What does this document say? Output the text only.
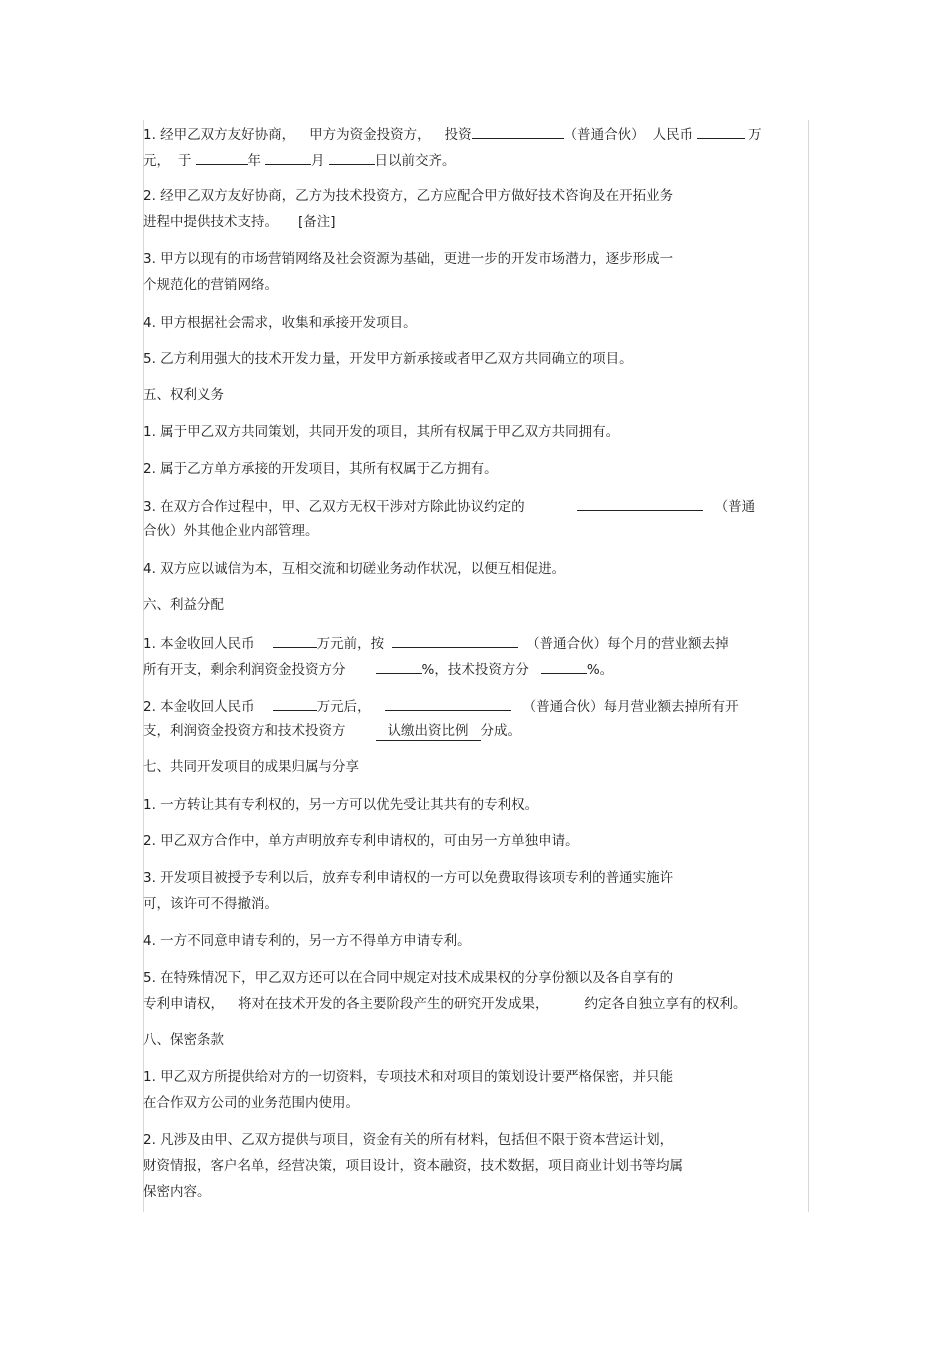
1. 经甲乙双方友好协商， 甲方为资金投资方， 投资	（普通合伙） 人民币	万
元， 于	年	月	日以前交齐。
2. 经甲乙双方友好协商，乙方为技术投资方，乙方应配合甲方做好技术咨询及在开拓业务
进程中提供技术支持。 [备注]
3. 甲方以现有的市场营销网络及社会资源为基础，更进一步的开发市场潜力，逐步形成一
个规范化的营销网络。
4. 甲方根据社会需求，收集和承接开发项目。
5. 乙方利用强大的技术开发力量，开发甲方新承接或者甲乙双方共同确立的项目。
五、权利义务
1. 属于甲乙双方共同策划，共同开发的项目，其所有权属于甲乙双方共同拥有。
2. 属于乙方单方承接的开发项目，其所有权属于乙方拥有。
3. 在双方合作过程中，甲、乙双方无权干涉对方除此协议约定的	（普通
合伙）外其他企业内部管理。
4. 双方应以诚信为本，互相交流和切磋业务动作状况，以便互相促进。
六、利益分配
1. 本金收回人民币	万元前，按	（普通合伙）每个月的营业额去掉
所有开支，剩余利润资金投资方分	%，技术投资方分	%。
2. 本金收回人民币	万元后，	（普通合伙）每月营业额去掉所有开
支，利润资金投资方和技术投资方	认缴出资比例 分成。
七、共同开发项目的成果归属与分享
1. 一方转让其有专利权的，另一方可以优先受让其共有的专利权。
2. 甲乙双方合作中，单方声明放弃专利申请权的，可由另一方单独申请。
3. 开发项目被授予专利以后，放弃专利申请权的一方可以免费取得该项专利的普通实施许
可，该许可不得撤消。
4. 一方不同意申请专利的，另一方不得单方申请专利。
5. 在特殊情况下，甲乙双方还可以在合同中规定对技术成果权的分享份额以及各自享有的
专利申请权， 将对在技术开发的各主要阶段产生的研究开发成果，	约定各自独立享有的权利。
八、保密条款
1. 甲乙双方所提供给对方的一切资料，专项技术和对项目的策划设计要严格保密，并只能
在合作双方公司的业务范围内使用。
2. 凡涉及由甲、乙双方提供与项目，资金有关的所有材料，包括但不限于资本营运计划，
财资情报，客户名单，经营决策，项目设计，资本融资，技术数据，项目商业计划书等均属
保密内容。
